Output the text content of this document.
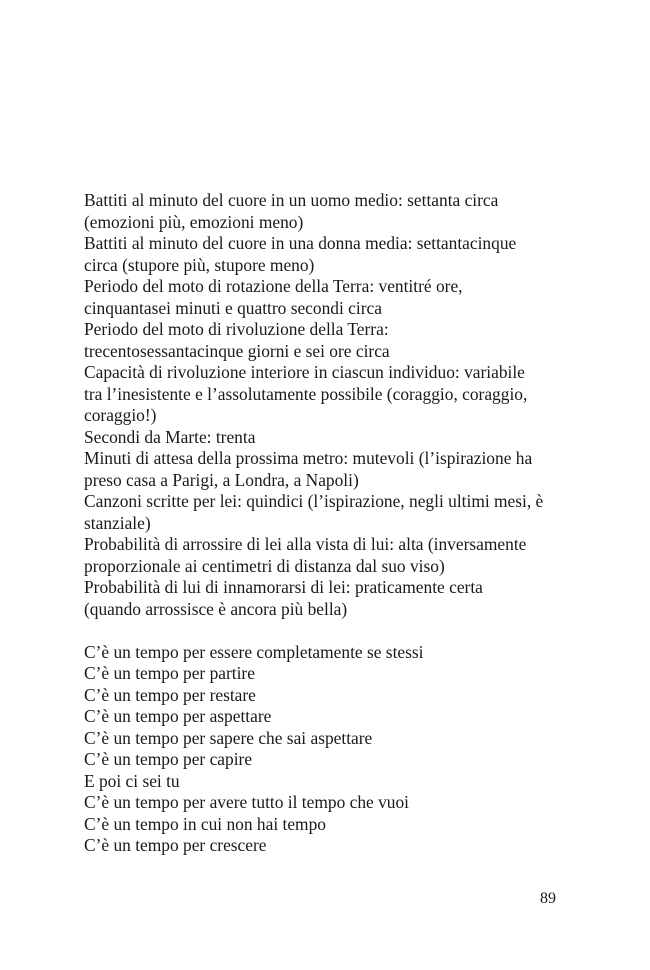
Battiti al minuto del cuore in un uomo medio: settanta circa
(emozioni più, emozioni meno)
Battiti al minuto del cuore in una donna media: settantacinque
circa (stupore più, stupore meno)
Periodo del moto di rotazione della Terra: ventitré ore,
cinquantasei minuti e quattro secondi circa
Periodo del moto di rivoluzione della Terra:
trecentosessantacinque giorni e sei ore circa
Capacità di rivoluzione interiore in ciascun individuo: variabile
tra l’inesistente e l’assolutamente possibile (coraggio, coraggio,
coraggio!)
Secondi da Marte: trenta
Minuti di attesa della prossima metro: mutevoli (l’ispirazione ha
preso casa a Parigi, a Londra, a Napoli)
Canzoni scritte per lei: quindici (l’ispirazione, negli ultimi mesi, è
stanziale)
Probabilità di arrossire di lei alla vista di lui: alta (inversamente
proporzionale ai centimetri di distanza dal suo viso)
Probabilità di lui di innamorarsi di lei: praticamente certa
(quando arrossisce è ancora più bella)
C’è un tempo per essere completamente se stessi
C’è un tempo per partire
C’è un tempo per restare
C’è un tempo per aspettare
C’è un tempo per sapere che sai aspettare
C’è un tempo per capire
E poi ci sei tu
C’è un tempo per avere tutto il tempo che vuoi
C’è un tempo in cui non hai tempo
C’è un tempo per crescere
89
